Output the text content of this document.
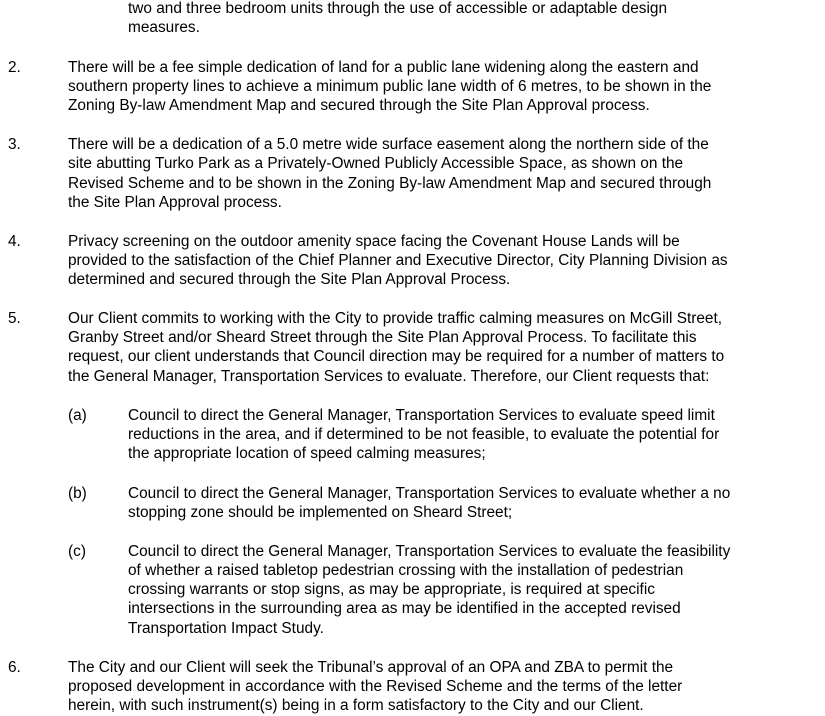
two and three bedroom units through the use of accessible or adaptable design
measures.
2.	There will be a fee simple dedication of land for a public lane widening along the eastern and
southern property lines to achieve a minimum public lane width of 6 metres, to be shown in the
Zoning By-law Amendment Map and secured through the Site Plan Approval process.
3.	There will be a dedication of a 5.0 metre wide surface easement along the northern side of the
site abutting Turko Park as a Privately-Owned Publicly Accessible Space, as shown on the
Revised Scheme and to be shown in the Zoning By-law Amendment Map and secured through
the Site Plan Approval process.
4.	Privacy screening on the outdoor amenity space facing the Covenant House Lands will be
provided to the satisfaction of the Chief Planner and Executive Director, City Planning Division as
determined and secured through the Site Plan Approval Process.
5.	Our Client commits to working with the City to provide traffic calming measures on McGill Street,
Granby Street and/or Sheard Street through the Site Plan Approval Process. To facilitate this
request, our client understands that Council direction may be required for a number of matters to
the General Manager, Transportation Services to evaluate. Therefore, our Client requests that:
(a)	Council to direct the General Manager, Transportation Services to evaluate speed limit
reductions in the area, and if determined to be not feasible, to evaluate the potential for
the appropriate location of speed calming measures;
(b)	Council to direct the General Manager, Transportation Services to evaluate whether a no
stopping zone should be implemented on Sheard Street;
(c)	Council to direct the General Manager, Transportation Services to evaluate the feasibility
of whether a raised tabletop pedestrian crossing with the installation of pedestrian
crossing warrants or stop signs, as may be appropriate, is required at specific
intersections in the surrounding area as may be identified in the accepted revised
Transportation Impact Study.
6.	The City and our Client will seek the Tribunal’s approval of an OPA and ZBA to permit the
proposed development in accordance with the Revised Scheme and the terms of the letter
herein, with such instrument(s) being in a form satisfactory to the City and our Client.
